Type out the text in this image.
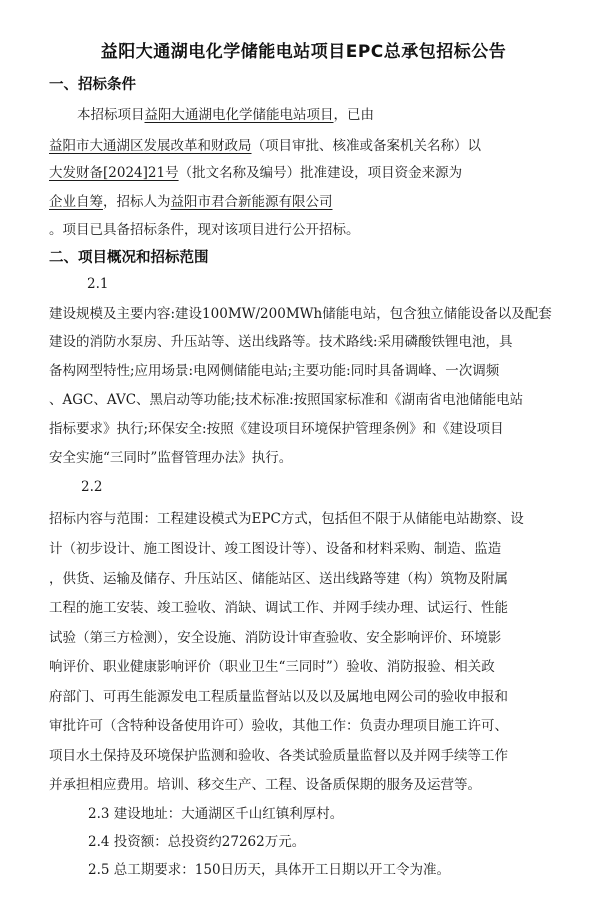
益阳大通湖电化学储能电站项目EPC总承包招标公告
一、招标条件
本招标项目益阳大通湖电化学储能电站项目，已由
益阳市大通湖区发展改革和财政局（项目审批、核准或备案机关名称）以
大发财备[2024]21号（批文名称及编号）批准建设，项目资金来源为
企业自筹，招标人为益阳市君合新能源有限公司
。项目已具备招标条件，现对该项目进行公开招标。
二、项目概况和招标范围
2.1
建设规模及主要内容:建设100MW/200MWh储能电站，包含独立储能设备以及配套
建设的消防水泵房、升压站等、送出线路等。技术路线:采用磷酸铁锂电池，具
备构网型特性;应用场景:电网侧储能电站;主要功能:同时具备调峰、一次调频
、AGC、AVC、黑启动等功能;技术标准:按照国家标准和《湖南省电池储能电站
指标要求》执行;环保安全:按照《建设项目环境保护管理条例》和《建设项目
安全实施“三同时”监督管理办法》执行。
2.2
招标内容与范围：工程建设模式为EPC方式，包括但不限于从储能电站勘察、设
计（初步设计、施工图设计、竣工图设计等）、设备和材料采购、制造、监造
，供货、运输及储存、升压站区、储能站区、送出线路等建（构）筑物及附属
工程的施工安装、竣工验收、消缺、调试工作、并网手续办理、试运行、性能
试验（第三方检测），安全设施、消防设计审查验收、安全影响评价、环境影
响评价、职业健康影响评价（职业卫生“三同时”）验收、消防报验、相关政
府部门、可再生能源发电工程质量监督站以及以及属地电网公司的验收申报和
审批许可（含特种设备使用许可）验收，其他工作：负责办理项目施工许可、
项目水土保持及环境保护监测和验收、各类试验质量监督以及并网手续等工作
并承担相应费用。培训、移交生产、工程、设备质保期的服务及运营等。
2.3 建设地址：大通湖区千山红镇利厚村。
2.4 投资额：总投资约27262万元。
2.5 总工期要求：150日历天，具体开工日期以开工令为准。
